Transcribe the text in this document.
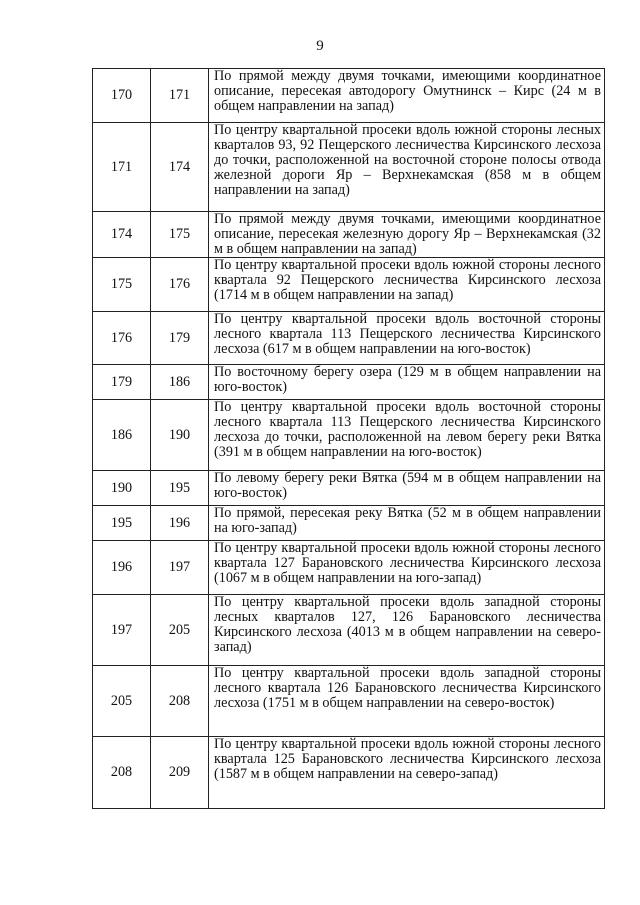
9
170	171	По прямой между двумя точками, имеющими координатное описание, пересекая автодорогу Омутнинск – Кирс (24 м в общем направлении на запад)
171	174	По центру квартальной просеки вдоль южной стороны лесных кварталов 93, 92 Пещерского лесничества Кирсинского лесхоза до точки, расположенной на восточной стороне полосы отвода железной дороги Яр – Верхнекамская (858 м в общем направлении на запад)
174	175	По прямой между двумя точками, имеющими координатное описание, пересекая железную дорогу Яр – Верхнекамская (32 м в общем направлении на запад)
175	176	По центру квартальной просеки вдоль южной стороны лесного квартала 92 Пещерского лесничества Кирсинского лесхоза (1714 м в общем направлении на запад)
176	179	По центру квартальной просеки вдоль восточной стороны лесного квартала 113 Пещерского лесничества Кирсинского лесхоза (617 м в общем направлении на юго-восток)
179	186	По восточному берегу озера (129 м в общем направлении на юго-восток)
186	190	По центру квартальной просеки вдоль восточной стороны лесного квартала 113 Пещерского лесничества Кирсинского лесхоза до точки, расположенной на левом берегу реки Вятка (391 м в общем направлении на юго-восток)
190	195	По левому берегу реки Вятка (594 м в общем направлении на юго-восток)
195	196	По прямой, пересекая реку Вятка (52 м в общем направлении на юго-запад)
196	197	По центру квартальной просеки вдоль южной стороны лесного квартала 127 Барановского лесничества Кирсинского лесхоза (1067 м в общем направлении на юго-запад)
197	205	По центру квартальной просеки вдоль западной стороны лесных кварталов 127, 126 Барановского лесничества Кирсинского лесхоза (4013 м в общем направлении на северо-запад)
205	208	По центру квартальной просеки вдоль западной стороны лесного квартала 126 Барановского лесничества Кирсинского лесхоза (1751 м в общем направлении на северо-восток)
208	209	По центру квартальной просеки вдоль южной стороны лесного квартала 125 Барановского лесничества Кирсинского лесхоза (1587 м в общем направлении на северо-запад)
